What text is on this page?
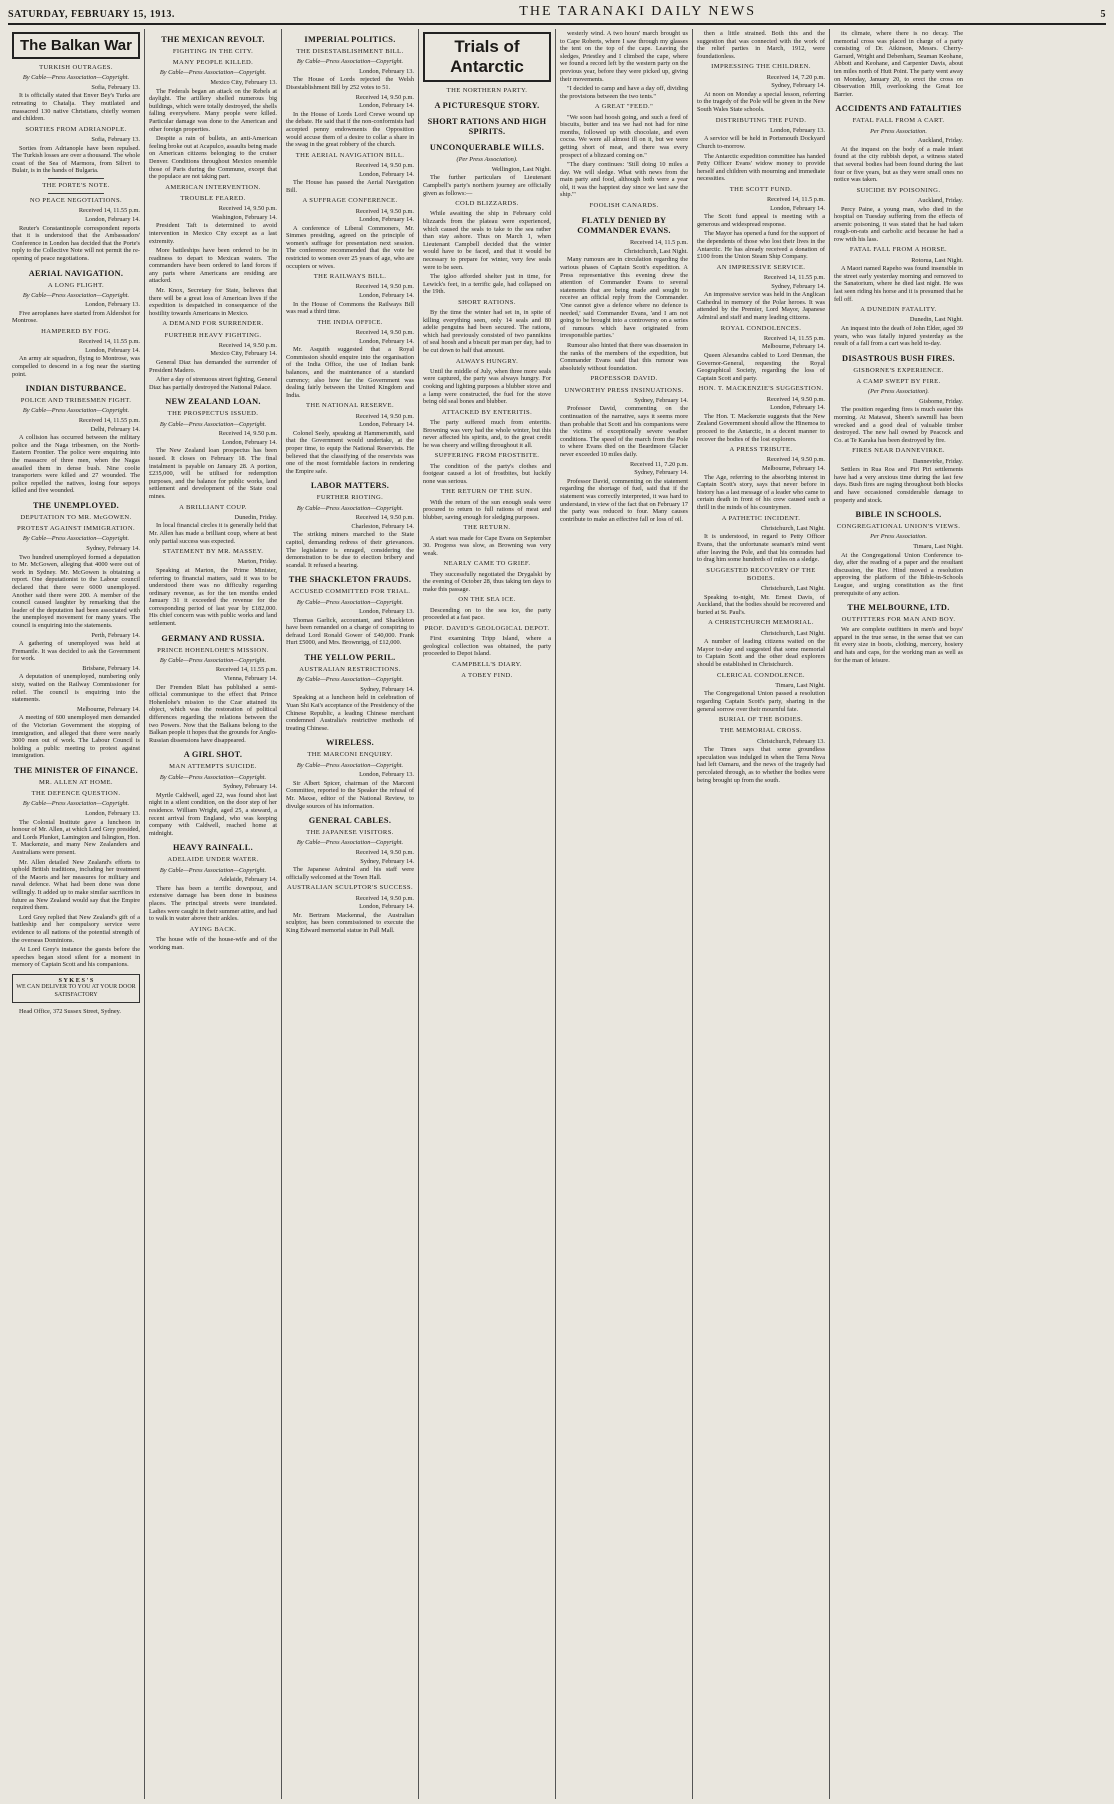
SATURDAY, FEBRUARY 15, 1913.	THE TARANAKI DAILY NEWS	5
The Balkan War
TURKISH OUTRAGES.
By Cable—Press Association—Copyright.
Sofia, February 13.
It is officially stated that Enver Bey's Turks are retreating to Chatalja. They mutilated and massacred 130 native Christians, chiefly women and children.
SORTIES FROM ADRIANOPLE.
Sofia, February 13.
Sorties from Adrianople have been repulsed. The Turkish losses are over a thousand. The whole coast of the Sea of Marmora, from Silivri to Bulair, is in the hands of Bulgaria.
THE PORTE'S NOTE.
NO PEACE NEGOTIATIONS.
Received 14, 11.55 p.m.
London, February 14.
Reuter's Constantinople correspondent reports that it is understood that the Ambassadors' Conference in London has decided that the Porte's reply to the Collective Note will not permit the re-opening of peace negotiations.
AERIAL NAVIGATION.
A LONG FLIGHT.
By Cable—Press Association—Copyright.
London, February 13.
Five aeroplanes have started from Aldershot for Montrose.
HAMPERED BY FOG.
Received 14, 11.55 p.m.
London, February 14.
An army air squadron, flying to Montrose, was compelled to descend in a fog near the starting point.
INDIAN DISTURBANCE.
POLICE AND TRIBESMEN FIGHT.
By Cable—Press Association—Copyright.
Received 14, 11.55 p.m.
Delhi, February 14.
A collision has occurred between the military police and the Naga tribesmen, on the North-Eastern Frontier. The police were enquiring into the massacre of three men, when the Nagas assailed them in dense bush. Nine coolie transporters were killed and 27 wounded. The police repelled the natives, losing four sepoys killed and five wounded.
THE UNEMPLOYED.
DEPUTATION TO MR. McGOWEN.
PROTEST AGAINST IMMIGRATION.
By Cable—Press Association—Copyright.
Sydney, February 14.
Two hundred unemployed formed a deputation to Mr. McGowen, alleging that 4000 were out of work in Sydney. Mr. McGowen is obtaining a report. One deputationist to the Labour council declared that there were 6000 unemployed. Another said there were 200. A member of the council caused laughter by remarking that the leader of the deputation had been associated with the unemployed movement for many years. The council is enquiring into the statements.
Perth, February 14.
A gathering of unemployed was held at Fremantle. It was decided to ask the Government for work.
Brisbane, February 14.
A deputation of unemployed, numbering only sixty, waited on the Railway Commissioner for relief. The council is enquiring into the statements.
Melbourne, February 14.
A meeting of 600 unemployed men demanded of the Victorian Government the stopping of immigration, and alleged that there were nearly 3000 men out of work. The Labour Council is holding a public meeting to protest against immigration.
THE MINISTER OF FINANCE.
MR. ALLEN AT HOME.
THE DEFENCE QUESTION.
By Cable—Press Association—Copyright.
London, February 13.
The Colonial Institute gave a luncheon in honour of Mr. Allen, at which Lord Grey presided, and Lords Plunket, Lamington and Islington, Hon. T. Mackenzie, and many New Zealanders and Australians were present.
Mr. Allen detailed New Zealand's efforts to uphold British traditions, including her treatment of the Maoris and her measures for military and naval defence. What had been done was done willingly. It added up to make similar sacrifices in future as New Zealand would say that the Empire required them.
Lord Grey replied that New Zealand's gift of a battleship and her compulsory service were evidence to all nations of the potential strength of the overseas Dominions.
At Lord Grey's instance the guests before the speeches began stood silent for a moment in memory of Captain Scott and his companions.
S Y K E S ' S
WE CAN DELIVER TO YOU AT YOUR DOOR SATISFACTORY
Head Office, 372 Sussex Street, Sydney.
THE MEXICAN REVOLT.
FIGHTING IN THE CITY.
MANY PEOPLE KILLED.
By Cable—Press Association—Copyright.
Mexico City, February 13.
The Federals began an attack on the Rebels at daylight. The artillery shelled numerous big buildings, which were totally destroyed, the shells falling everywhere. Many people were killed. Particular damage was done to the American and other foreign properties.
Despite a rain of bullets, an anti-American feeling broke out at Acapulco, assaults being made on American citizens belonging to the cruiser Denver. Conditions throughout Mexico resemble those of Paris during the Commune, except that the populace are not taking part.
AMERICAN INTERVENTION.
TROUBLE FEARED.
Received 14, 9.50 p.m.
Washington, February 14.
President Taft is determined to avoid intervention in Mexico City except as a last extremity.
More battleships have been ordered to be in readiness to depart to Mexican waters. The commanders have been ordered to land forces if any parts where Americans are residing are attacked.
Mr. Knox, Secretary for State, believes that there will be a great loss of American lives if the expedition is despatched in consequence of the hostility towards Americans in Mexico.
A DEMAND FOR SURRENDER.
FURTHER HEAVY FIGHTING.
Received 14, 9.50 p.m.
Mexico City, February 14.
General Diaz has demanded the surrender of President Madero.
After a day of strenuous street fighting, General Diaz has partially destroyed the National Palace.
NEW ZEALAND LOAN.
THE PROSPECTUS ISSUED.
By Cable—Press Association—Copyright.
Received 14, 9.50 p.m.
London, February 14.
The New Zealand loan prospectus has been issued. It closes on February 18. The final instalment is payable on January 28. A portion, £235,000, will be utilised for redemption purposes, and the balance for public works, land settlement and development of the State coal mines.
A BRILLIANT COUP.
Dunedin, Friday.
In local financial circles it is generally held that Mr. Allen has made a brilliant coup, where at best only partial success was expected.
STATEMENT BY MR. MASSEY.
Marton, Friday.
Speaking at Marton, the Prime Minister, referring to financial matters, said it was to be understood there was no difficulty regarding ordinary revenue, as for the ten months ended January 31 it exceeded the revenue for the corresponding period of last year by £182,000. His chief concern was with public works and land settlement.
GERMANY AND RUSSIA.
PRINCE HOHENLOHE'S MISSION.
By Cable—Press Association—Copyright.
Received 14, 11.55 p.m.
Vienna, February 14.
Der Fremden Blatt has published a semi-official communique to the effect that Prince Hohenlohe's mission to the Czar attained its object, which was the restoration of political differences regarding the relations between the two Powers. Now that the Balkans belong to the Balkan people it hopes that the grounds for Anglo-Russian dissensions have disappeared.
A GIRL SHOT.
MAN ATTEMPTS SUICIDE.
By Cable—Press Association—Copyright.
Sydney, February 14.
Myrtle Caldwell, aged 22, was found shot last night in a silent condition, on the door step of her residence. William Wright, aged 25, a steward, a recent arrival from England, who was keeping company with Caldwell, reached home at midnight.
HEAVY RAINFALL.
ADELAIDE UNDER WATER.
By Cable—Press Association—Copyright.
Adelaide, February 14.
There has been a terrific downpour, and extensive damage has been done in business places. The principal streets were inundated. Ladies were caught in their summer attire, and had to walk in water above their ankles.
AYING BACK.
The house wife of the house-wife and of the working man.
IMPERIAL POLITICS.
THE DISESTABLISHMENT BILL.
By Cable—Press Association—Copyright.
London, February 13.
The House of Lords rejected the Welsh Disestablishment Bill by 252 votes to 51.
Received 14, 9.50 p.m.
London, February 14.
In the House of Lords Lord Crewe wound up the debate. He said that if the non-conformists had accepted penny endowments the Opposition would accuse them of a desire to collar a share in the swag in the great robbery of the church.
THE AERIAL NAVIGATION BILL.
Received 14, 9.50 p.m.
London, February 14.
The House has passed the Aerial Navigation Bill.
A SUFFRAGE CONFERENCE.
Received 14, 9.50 p.m.
London, February 14.
A conference of Liberal Commoners, Mr. Simmes presiding, agreed on the principle of women's suffrage for presentation next session. The conference recommended that the vote be restricted to women over 25 years of age, who are occupiers or wives.
THE RAILWAYS BILL.
Received 14, 9.50 p.m.
London, February 14.
In the House of Commons the Railways Bill was read a third time.
THE INDIA OFFICE.
Received 14, 9.50 p.m.
London, February 14.
Mr. Asquith suggested that a Royal Commission should enquire into the organisation of the India Office, the use of Indian bank balances, and the maintenance of a standard currency; also how far the Government was dealing fairly between the United Kingdom and India.
THE NATIONAL RESERVE.
Received 14, 9.50 p.m.
London, February 14.
Colonel Seely, speaking at Hammersmith, said that the Government would undertake, at the proper time, to equip the National Reservists. He believed that the classifying of the reservists was one of the most formidable factors in rendering the Empire safe.
LABOR MATTERS.
FURTHER RIOTING.
By Cable—Press Association—Copyright.
Received 14, 9.50 p.m.
Charleston, February 14.
The striking miners marched to the State capitol, demanding redress of their grievances. The legislature is enraged, considering the demonstration to be due to election bribery and scandal. It refused a hearing.
THE SHACKLETON FRAUDS.
ACCUSED COMMITTED FOR TRIAL.
By Cable—Press Association—Copyright.
London, February 13.
Thomas Garlick, accountant, and Shackleton have been remanded on a charge of conspiring to defraud Lord Ronald Gower of £40,000. Frank Hurt £5000, and Mrs. Brownrigg, of £12,000.
THE YELLOW PERIL.
AUSTRALIAN RESTRICTIONS.
By Cable—Press Association—Copyright.
Sydney, February 14.
Speaking at a luncheon held in celebration of Yuan Shi Kai's acceptance of the Presidency of the Chinese Republic, a leading Chinese merchant condemned Australia's restrictive methods of treating Chinese.
WIRELESS.
THE MARCONI ENQUIRY.
By Cable—Press Association—Copyright.
London, February 13.
Sir Albert Spicer, chairman of the Marconi Committee, reported to the Speaker the refusal of Mr. Maxse, editor of the National Review, to divulge sources of his information.
GENERAL CABLES.
THE JAPANESE VISITORS.
By Cable—Press Association—Copyright.
Received 14, 9.50 p.m.
Sydney, February 14.
The Japanese Admiral and his staff were officially welcomed at the Town Hall.
AUSTRALIAN SCULPTOR'S SUCCESS.
Received 14, 9.50 p.m.
London, February 14.
Mr. Bertram Mackennal, the Australian sculptor, has been commissioned to execute the King Edward memorial statue in Pall Mall.
Trials of Antarctic
THE NORTHERN PARTY.
A PICTURESQUE STORY.
SHORT RATIONS AND HIGH SPIRITS.
UNCONQUERABLE WILLS.
(Per Press Association).
Wellington, Last Night.
The further particulars of Lieutenant Campbell's party's northern journey are officially given as follows:—
COLD BLIZZARDS.
While awaiting the ship in February cold blizzards from the plateau were experienced, which caused the seals to take to the sea rather than stay ashore. Thus on March 1, when Lieutenant Campbell decided that the winter would have to be faced, and that it would be necessary to prepare for winter, very few seals were to be seen.
The igloo afforded shelter just in time, for Lewick's feet, in a terrific gale, had collapsed on the 19th.
SHORT RATIONS.
By the time the winter had set in, in spite of killing everything seen, only 14 seals and 80 adelie penguins had been secured. The rations, which had previously consisted of two pannikins of seal hoosh and a biscuit per man per day, had to be cut down to half that amount.
ALWAYS HUNGRY.
Until the middle of July, when three more seals were captured, the party was always hungry. For cooking and lighting purposes a blubber stove and a lamp were constructed, the fuel for the stove being old seal bones and blubber.
ATTACKED BY ENTERITIS.
The party suffered much from enteritis. Browning was very bad the whole winter, but this never affected his spirits, and, to the great credit he was cheery and willing throughout it all.
SUFFERING FROM FROSTBITE.
The condition of the party's clothes and footgear caused a lot of frostbites, but luckily none was serious.
THE RETURN OF THE SUN.
With the return of the sun enough seals were procured to return to full rations of meat and blubber, saving enough for sledging purposes.
THE RETURN.
A start was made for Cape Evans on September 30. Progress was slow, as Browning was very weak.
NEARLY CAME TO GRIEF.
They successfully negotiated the Drygalski by the evening of October 28, thus taking ten days to make this passage.
ON THE SEA ICE.
Descending on to the sea ice, the party proceeded at a fast pace.
PROF. DAVID'S GEOLOGICAL DEPOT.
First examining Tripp Island, where a geological collection was obtained, the party proceeded to Depot Island.
CAMPBELL'S DIARY.
A TOBEY FIND.
westerly wind. A two hours' march brought us to Cape Roberts, where I saw through my glasses the tent on the top of the cape. Leaving the sledges, Priestley and I climbed the cape, where we found a record left by the western party on the previous year, before they were picked up, giving their movements.
"I decided to camp and have a day off, dividing the provisions between the two tents."
A GREAT "FEED."
"We soon had hoosh going, and such a feed of biscuits, butter and tea we had not had for nine months, followed up with chocolate, and even cocoa. We were all almost ill on it, but we were getting short of meat, and there was every prospect of a blizzard coming on."
"The diary continues: 'Still doing 10 miles a day. We will sledge. What with news from the main party and food, although both were a year old, it was the happiest day since we last saw the ship.'"
FOOLISH CANARDS.
FLATLY DENIED BY COMMANDER EVANS.
Received 14, 11.5 p.m.
Christchurch, Last Night.
Many rumours are in circulation regarding the various phases of Captain Scott's expedition. A Press representative this evening drew the attention of Commander Evans to several statements that are being made and sought to receive an official reply from the Commander. 'One cannot give a defence where no defence is needed,' said Commander Evans, 'and I am not going to be brought into a controversy on a series of rumours which have originated from irresponsible parties.'
Rumour also hinted that there was dissension in the ranks of the members of the expedition, but Commander Evans said that this rumour was absolutely without foundation.
PROFESSOR DAVID.
UNWORTHY PRESS INSINUATIONS.
Sydney, February 14.
Professor David, commenting on the continuation of the narrative, says it seems more than probable that Scott and his companions were the victims of exceptionally severe weather conditions. The speed of the march from the Pole to where Evans died on the Beardmore Glacier never exceeded 10 miles daily.
Received 11, 7.20 p.m.
Sydney, February 14.
Professor David, commenting on the statement regarding the shortage of fuel, said that if the statement was correctly interpreted, it was hard to understand, in view of the fact that on February 17 the party was reduced to four. Many causes contribute to make an effective fall or loss of oil.
then a little strained. Both this and the suggestion that was connected with the work of the relief parties in March, 1912, were foundationless.
IMPRESSING THE CHILDREN.
Received 14, 7.20 p.m.
Sydney, February 14.
At noon on Monday a special lesson, referring to the tragedy of the Pole will be given in the New South Wales State schools.
DISTRIBUTING THE FUND.
London, February 13.
A service will be held in Portsmouth Dockyard Church to-morrow.
The Antarctic expedition committee has handed Petty Officer Evans' widow money to provide herself and children with mourning and immediate necessities.
THE SCOTT FUND.
Received 14, 11.5 p.m.
London, February 14.
The Scott fund appeal is meeting with a generous and widespread response.
The Mayor has opened a fund for the support of the dependents of those who lost their lives in the Antarctic. He has already received a donation of £100 from the Union Steam Ship Company.
AN IMPRESSIVE SERVICE.
Received 14, 11.55 p.m.
Sydney, February 14.
An impressive service was held in the Anglican Cathedral in memory of the Polar heroes. It was attended by the Premier, Lord Mayor, Japanese Admiral and staff and many leading citizens.
ROYAL CONDOLENCES.
Received 14, 11.55 p.m.
Melbourne, February 14.
Queen Alexandra cabled to Lord Denman, the Governor-General, requesting the Royal Geographical Society, regarding the loss of Captain Scott and party.
HON. T. MACKENZIE'S SUGGESTION.
Received 14, 9.50 p.m.
London, February 14.
The Hon. T. Mackenzie suggests that the New Zealand Government should allow the Hinemoa to proceed to the Antarctic, in a decent manner to recover the bodies of the lost explorers.
A PRESS TRIBUTE.
Received 14, 9.50 p.m.
Melbourne, February 14.
The Age, referring to the absorbing interest in Captain Scott's story, says that never before in history has a last message of a leader who came to certain death in front of his crew caused such a thrill in the minds of his countrymen.
A PATHETIC INCIDENT.
Christchurch, Last Night.
It is understood, in regard to Petty Officer Evans, that the unfortunate seaman's mind went after leaving the Pole, and that his comrades had to drag him some hundreds of miles on a sledge.
SUGGESTED RECOVERY OF THE BODIES.
Christchurch, Last Night.
Speaking to-night, Mr. Ernest Davis, of Auckland, that the bodies should be recovered and buried at St. Paul's.
A CHRISTCHURCH MEMORIAL.
Christchurch, Last Night.
A number of leading citizens waited on the Mayor to-day and suggested that some memorial to Captain Scott and the other dead explorers should be established in Christchurch.
CLERICAL CONDOLENCE.
Timaru, Last Night.
The Congregational Union passed a resolution regarding Captain Scott's party, sharing in the general sorrow over their mournful fate.
BURIAL OF THE BODIES.
THE MEMORIAL CROSS.
Christchurch, February 13.
The Times says that some groundless speculation was indulged in when the Terra Nova had left Oamaru, and the news of the tragedy had percolated through, as to whether the bodies were being brought up from the south.
its climate, where there is no decay. The memorial cross was placed in charge of a party consisting of Dr. Atkinson, Messrs. Cherry-Garrard, Wright and Debenham, Seaman Keohane, Abbott and Keohane, and Carpenter Davis, about ten miles north of Hutt Point. The party went away on Monday, January 20, to erect the cross on Observation Hill, overlooking the Great Ice Barrier.
ACCIDENTS AND FATALITIES
FATAL FALL FROM A CART.
Per Press Association.
Auckland, Friday.
At the inquest on the body of a male infant found at the city rubbish depot, a witness stated that several bodies had been found during the last four or five years, but as they were small ones no notice was taken.
SUICIDE BY POISONING.
Auckland, Friday.
Percy Paine, a young man, who died in the hospital on Tuesday suffering from the effects of arsenic poisoning, it was stated that he had taken rough-on-rats and carbolic acid because he had a row with his lass.
FATAL FALL FROM A HORSE.
Rotorua, Last Night.
A Maori named Rapeho was found insensible in the street early yesterday morning and removed to the Sanatorium, where he died last night. He was last seen riding his horse and it is presumed that he fell off.
A DUNEDIN FATALITY.
Dunedin, Last Night.
An inquest into the death of John Elder, aged 39 years, who was fatally injured yesterday as the result of a fall from a cart was held to-day.
DISASTROUS BUSH FIRES.
GISBORNE'S EXPERIENCE.
A CAMP SWEPT BY FIRE.
(Per Press Association).
Gisborne, Friday.
The position regarding fires is much easier this morning. At Matawai, Sheen's sawmill has been wrecked and a good deal of valuable timber destroyed. The new hall owned by Peacock and Co. at Te Karaka has been destroyed by fire.
FIRES NEAR DANNEVIRKE.
Dannevirke, Friday.
Settlers in Rua Roa and Piri Piri settlements have had a very anxious time during the last few days. Bush fires are raging throughout both blocks and have occasioned considerable damage to property and stock.
BIBLE IN SCHOOLS.
CONGREGATIONAL UNION'S VIEWS.
Per Press Association.
Timaru, Last Night.
At the Congregational Union Conference to-day, after the reading of a paper and the resultant discussion, the Rev. Hind moved a resolution approving the platform of the Bible-in-Schools League, and urging constitution as the first prerequisite of any action.
THE MELBOURNE, LTD.
OUTFITTERS FOR MAN AND BOY.
We are complete outfitters in men's and boys' apparel in the true sense, in the sense that we can fit every size in boots, clothing, mercery, hosiery and hats and caps, for the working man as well as for the man of leisure.
